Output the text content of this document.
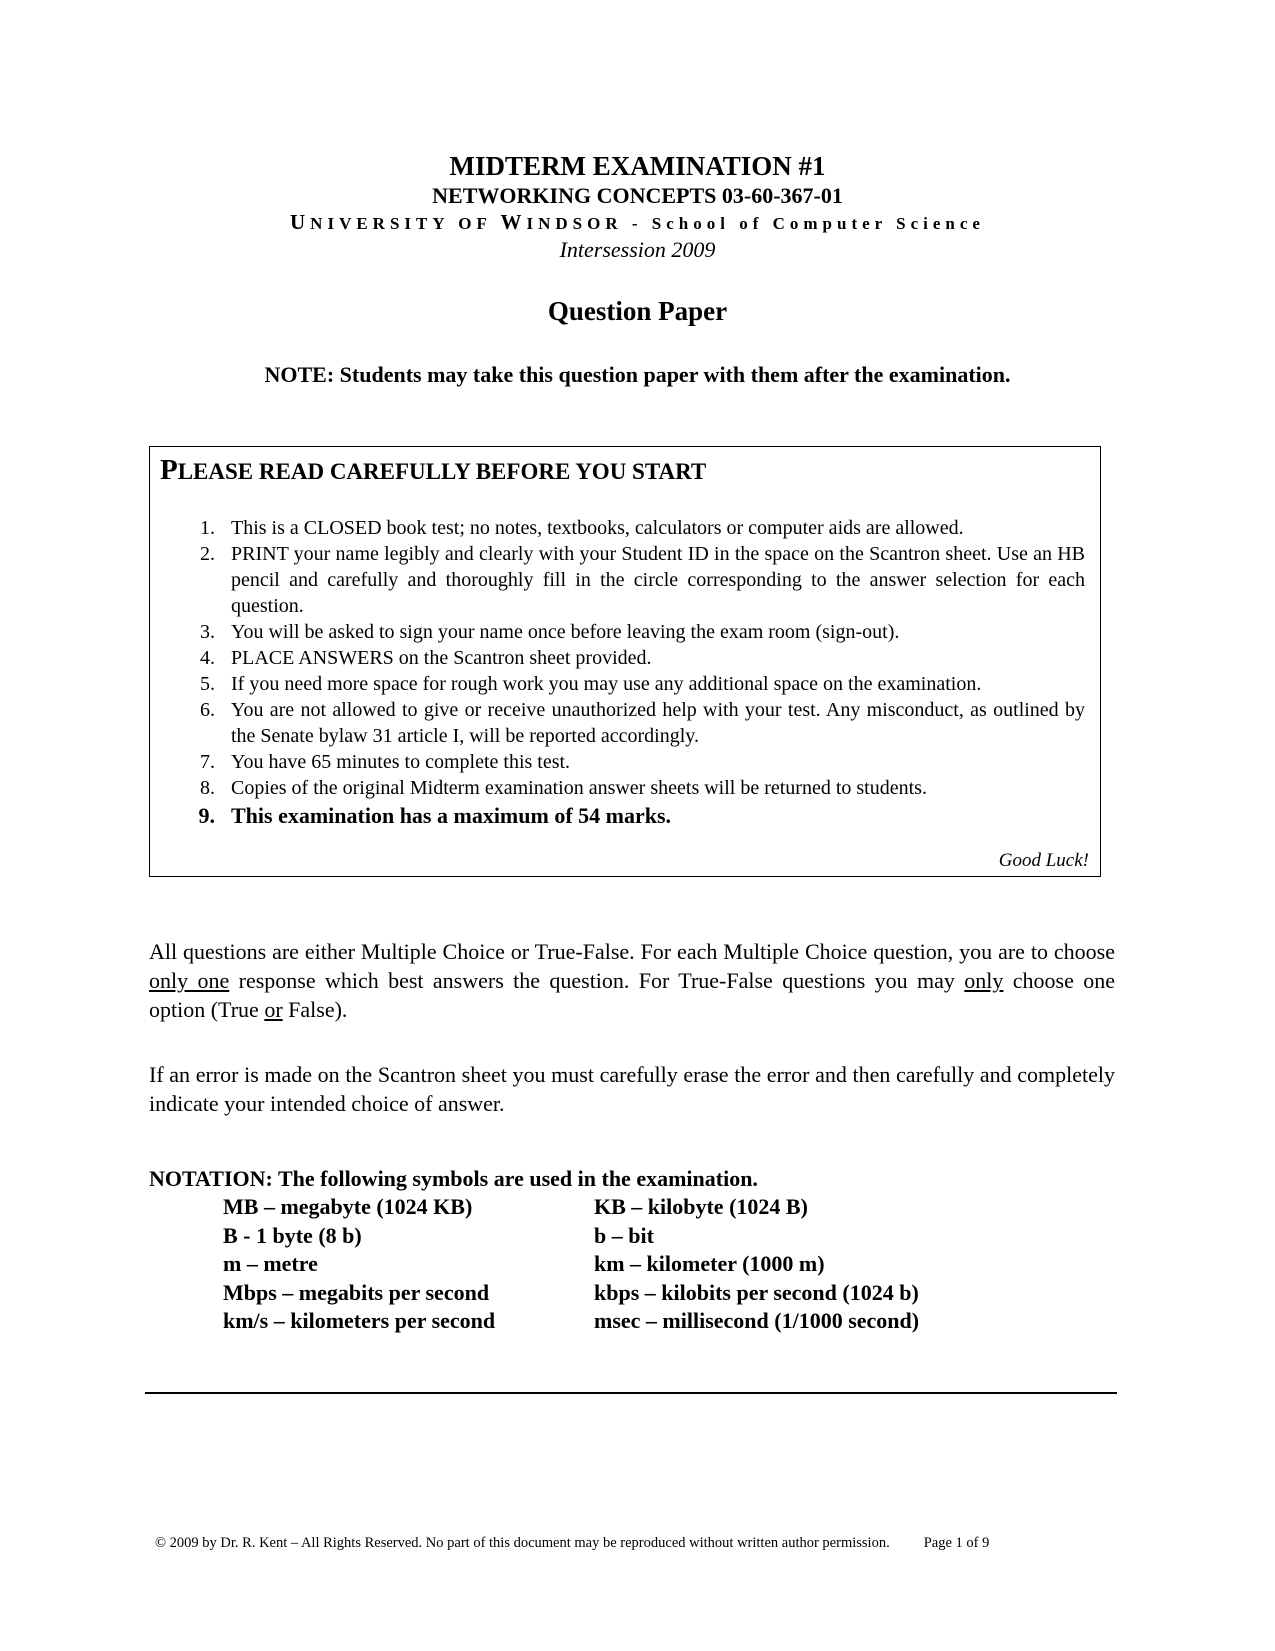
MIDTERM EXAMINATION #1
NETWORKING CONCEPTS 03-60-367-01
UNIVERSITY OF WINDSOR - School of Computer Science
Intersession 2009
Question Paper
NOTE: Students may take this question paper with them after the examination.
PLEASE READ CAREFULLY BEFORE YOU START
1. This is a CLOSED book test; no notes, textbooks, calculators or computer aids are allowed.
2. PRINT your name legibly and clearly with your Student ID in the space on the Scantron sheet. Use an HB pencil and carefully and thoroughly fill in the circle corresponding to the answer selection for each question.
3. You will be asked to sign your name once before leaving the exam room (sign-out).
4. PLACE ANSWERS on the Scantron sheet provided.
5. If you need more space for rough work you may use any additional space on the examination.
6. You are not allowed to give or receive unauthorized help with your test. Any misconduct, as outlined by the Senate bylaw 31 article I, will be reported accordingly.
7. You have 65 minutes to complete this test.
8. Copies of the original Midterm examination answer sheets will be returned to students.
9. This examination has a maximum of 54 marks.
Good Luck!
All questions are either Multiple Choice or True-False. For each Multiple Choice question, you are to choose only one response which best answers the question. For True-False questions you may only choose one option (True or False).
If an error is made on the Scantron sheet you must carefully erase the error and then carefully and completely indicate your intended choice of answer.
NOTATION: The following symbols are used in the examination.
MB – megabyte (1024 KB)	KB – kilobyte (1024 B)
B - 1 byte (8 b)	b – bit
m – metre	km – kilometer (1000 m)
Mbps – megabits per second	kbps – kilobits per second (1024 b)
km/s – kilometers per second	msec – millisecond (1/1000 second)
© 2009 by Dr. R. Kent – All Rights Reserved. No part of this document may be reproduced without written author permission. Page 1 of 9
